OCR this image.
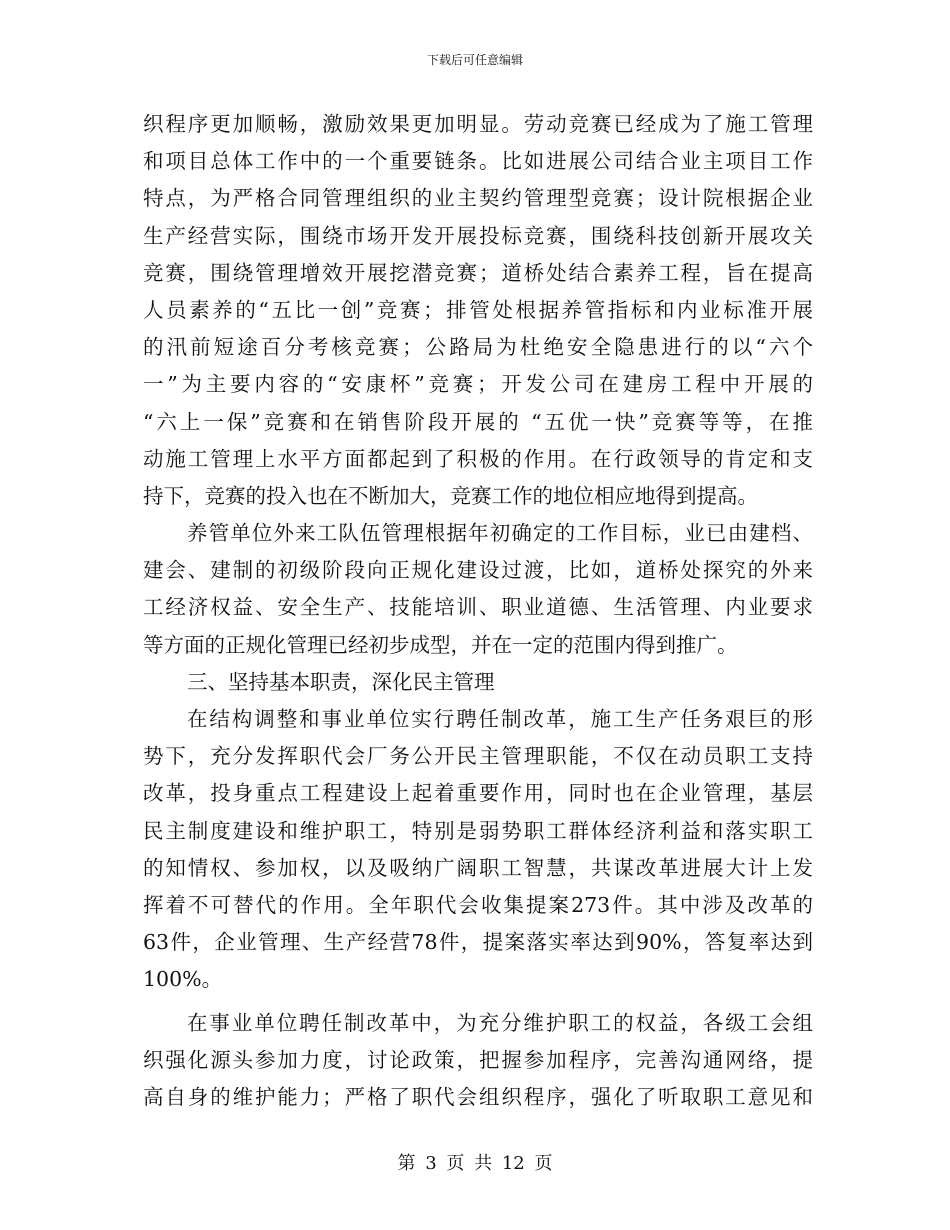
下载后可任意编辑
织程序更加顺畅，激励效果更加明显。劳动竞赛已经成为了施工管理
和项目总体工作中的一个重要链条。比如进展公司结合业主项目工作
特点，为严格合同管理组织的业主契约管理型竞赛；设计院根据企业
生产经营实际，围绕市场开发开展投标竞赛，围绕科技创新开展攻关
竞赛，围绕管理增效开展挖潜竞赛；道桥处结合素养工程，旨在提高
人员素养的“五比一创”竞赛；排管处根据养管指标和内业标准开展
的汛前短途百分考核竞赛；公路局为杜绝安全隐患进行的以“六个
一”为主要内容的“安康杯”竞赛；开发公司在建房工程中开展的
“六上一保”竞赛和在销售阶段开展的 “五优一快”竞赛等等，在推
动施工管理上水平方面都起到了积极的作用。在行政领导的肯定和支
持下，竞赛的投入也在不断加大，竞赛工作的地位相应地得到提高。
养管单位外来工队伍管理根据年初确定的工作目标，业已由建档、
建会、建制的初级阶段向正规化建设过渡，比如，道桥处探究的外来
工经济权益、安全生产、技能培训、职业道德、生活管理、内业要求
等方面的正规化管理已经初步成型，并在一定的范围内得到推广。
三、坚持基本职责，深化民主管理
在结构调整和事业单位实行聘任制改革，施工生产任务艰巨的形
势下，充分发挥职代会厂务公开民主管理职能，不仅在动员职工支持
改革，投身重点工程建设上起着重要作用，同时也在企业管理，基层
民主制度建设和维护职工，特别是弱势职工群体经济利益和落实职工
的知情权、参加权，以及吸纳广阔职工智慧，共谋改革进展大计上发
挥着不可替代的作用。全年职代会收集提案273件。其中涉及改革的
63件，企业管理、生产经营78件，提案落实率达到90%，答复率达到
100%。
在事业单位聘任制改革中，为充分维护职工的权益，各级工会组
织强化源头参加力度，讨论政策，把握参加程序，完善沟通网络，提
高自身的维护能力；严格了职代会组织程序，强化了听取职工意见和
第 3 页 共 12 页
